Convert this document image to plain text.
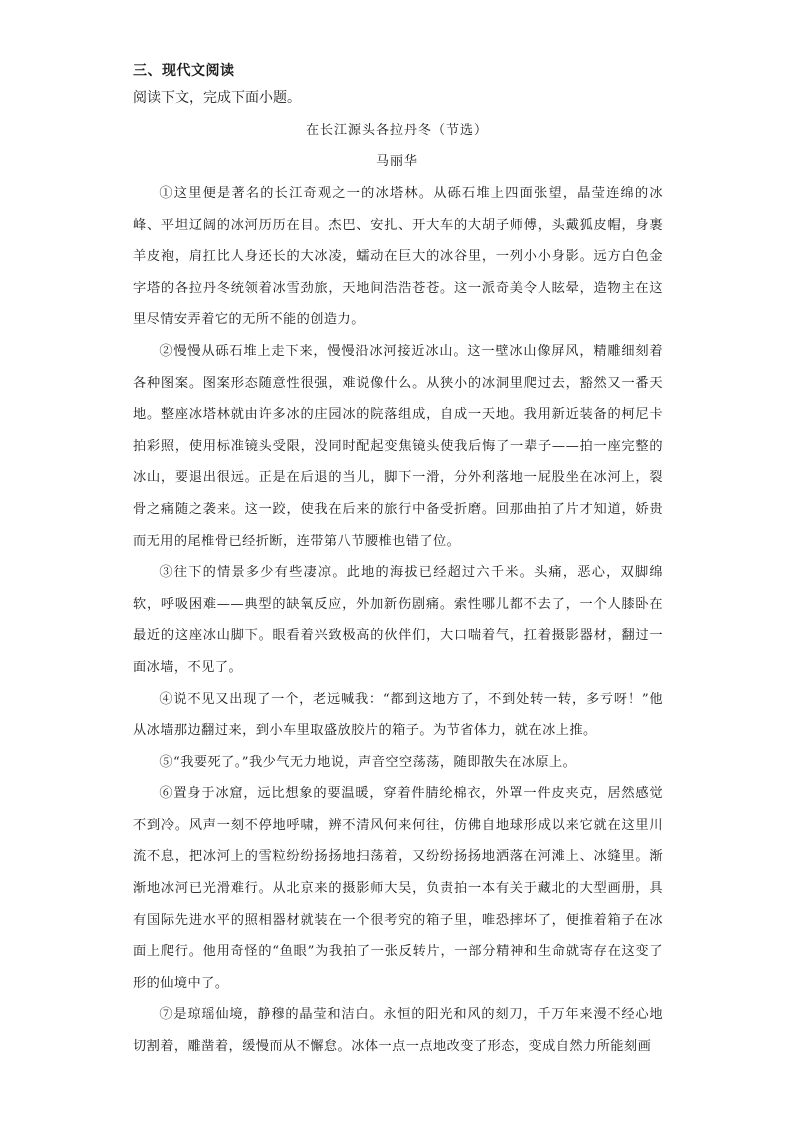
三、现代文阅读
阅读下文，完成下面小题。
在长江源头各拉丹冬（节选）
马丽华

①这里便是著名的长江奇观之一的冰塔林。从砾石堆上四面张望，晶莹连绵的冰峰、平坦辽阔的冰河历历在目。杰巴、安扎、开大车的大胡子师傅，头戴狐皮帽，身裹羊皮袍，肩扛比人身还长的大冰凌，蠕动在巨大的冰谷里，一列小小身影。远方白色金字塔的各拉丹冬统领着冰雪劲旅，天地间浩浩苍苍。这一派奇美令人眩晕，造物主在这里尽情安弄着它的无所不能的创造力。

②慢慢从砾石堆上走下来，慢慢沿冰河接近冰山。这一壁冰山像屏风，精雕细刻着各种图案。图案形态随意性很强，难说像什么。从狭小的冰洞里爬过去，豁然又一番天地。整座冰塔林就由许多冰的庄园冰的院落组成，自成一天地。我用新近装备的柯尼卡拍彩照，使用标准镜头受限，没同时配起变焦镜头使我后悔了一辈子——拍一座完整的冰山，要退出很远。正是在后退的当儿，脚下一滑，分外利落地一屁股坐在冰河上，裂骨之痛随之袭来。这一跤，使我在后来的旅行中备受折磨。回那曲拍了片才知道，娇贵而无用的尾椎骨已经折断，连带第八节腰椎也错了位。

③往下的情景多少有些凄凉。此地的海拔已经超过六千米。头痛，恶心，双脚绵软，呼吸困难——典型的缺氧反应，外加新伤剧痛。索性哪儿都不去了，一个人膝卧在最近的这座冰山脚下。眼看着兴致极高的伙伴们，大口喘着气，扛着摄影器材，翻过一面冰墙，不见了。

④说不见又出现了一个，老远喊我：“都到这地方了，不到处转一转，多亏呀！”他从冰墙那边翻过来，到小车里取盛放胶片的箱子。为节省体力，就在冰上推。

⑤“我要死了。”我少气无力地说，声音空空荡荡，随即散失在冰原上。

⑥置身于冰窟，远比想象的要温暖，穿着件腈纶棉衣，外罩一件皮夹克，居然感觉不到冷。风声一刻不停地呼啸，辨不清风何来何往，仿佛自地球形成以来它就在这里川流不息，把冰河上的雪粒纷纷扬扬地扫荡着，又纷纷扬扬地洒落在河滩上、冰缝里。渐渐地冰河已光滑难行。从北京来的摄影师大吴，负责拍一本有关于藏北的大型画册，具有国际先进水平的照相器材就装在一个很考究的箱子里，唯恐摔坏了，便推着箱子在冰面上爬行。他用奇怪的“鱼眼”为我拍了一张反转片，一部分精神和生命就寄存在这变了形的仙境中了。

⑦是琼瑶仙境，静穆的晶莹和洁白。永恒的阳光和风的刻刀，千万年来漫不经心地切割着，雕凿着，缓慢而从不懈怠。冰体一点一点地改变了形态，变成自然力所能刻画
